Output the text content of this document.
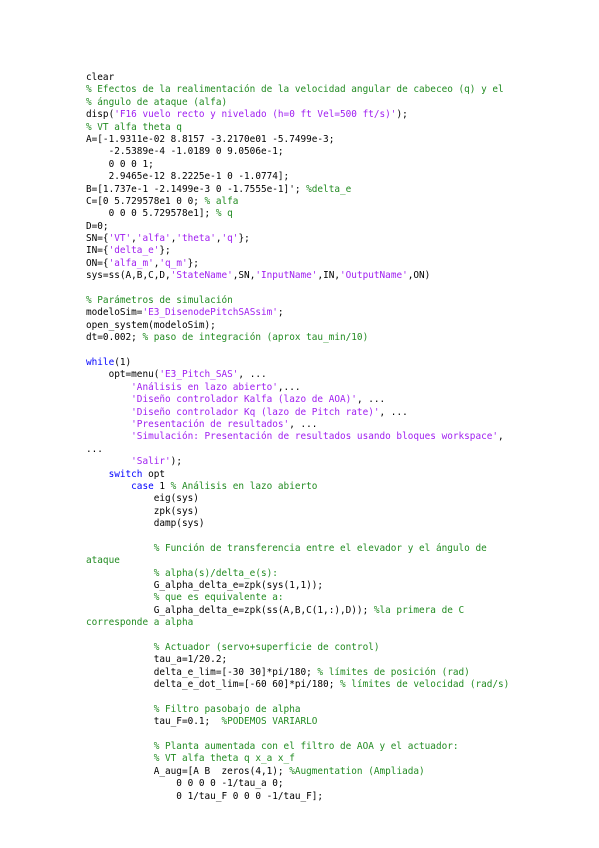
clear
% Efectos de la realimentación de la velocidad angular de cabeceo (q) y el
% ángulo de ataque (alfa)
disp('F16 vuelo recto y nivelado (h=0 ft Vel=500 ft/s)');
% VT alfa theta q
A=[-1.9311e-02 8.8157 -3.2170e01 -5.7499e-3;
-2.5389e-4 -1.0189 0 9.0506e-1;
0 0 0 1;
2.9465e-12 8.2225e-1 0 -1.0774];
B=[1.737e-1 -2.1499e-3 0 -1.7555e-1]'; %delta_e
C=[0 5.729578e1 0 0; % alfa
0 0 0 5.729578e1]; % q
D=0;
SN={'VT','alfa','theta','q'};
IN={'delta_e'};
ON={'alfa_m','q_m'};
sys=ss(A,B,C,D,'StateName',SN,'InputName',IN,'OutputName',ON)
% Parámetros de simulación
modeloSim='E3_DisenodePitchSASsim';
open_system(modeloSim);
dt=0.002; % paso de integración (aprox tau_min/10)
while(1)
opt=menu('E3_Pitch_SAS', ...
'Análisis en lazo abierto',...
'Diseño controlador Kalfa (lazo de AOA)', ...
'Diseño controlador Kq (lazo de Pitch rate)', ...
'Presentación de resultados', ...
'Simulación: Presentación de resultados usando bloques workspace',
...
'Salir');
switch opt
case 1 % Análisis en lazo abierto
eig(sys)
zpk(sys)
damp(sys)
% Función de transferencia entre el elevador y el ángulo de
ataque
% alpha(s)/delta_e(s):
G_alpha_delta_e=zpk(sys(1,1));
% que es equivalente a:
G_alpha_delta_e=zpk(ss(A,B,C(1,:),D)); %la primera de C
corresponde a alpha
% Actuador (servo+superficie de control)
tau_a=1/20.2;
delta_e_lim=[-30 30]*pi/180; % límites de posición (rad)
delta_e_dot_lim=[-60 60]*pi/180; % límites de velocidad (rad/s)
% Filtro pasobajo de alpha
tau_F=0.1;  %PODEMOS VARIARLO
% Planta aumentada con el filtro de AOA y el actuador:
% VT alfa theta q x_a x_f
A_aug=[A B  zeros(4,1); %Augmentation (Ampliada)
0 0 0 0 -1/tau_a 0;
0 1/tau_F 0 0 0 -1/tau_F];
